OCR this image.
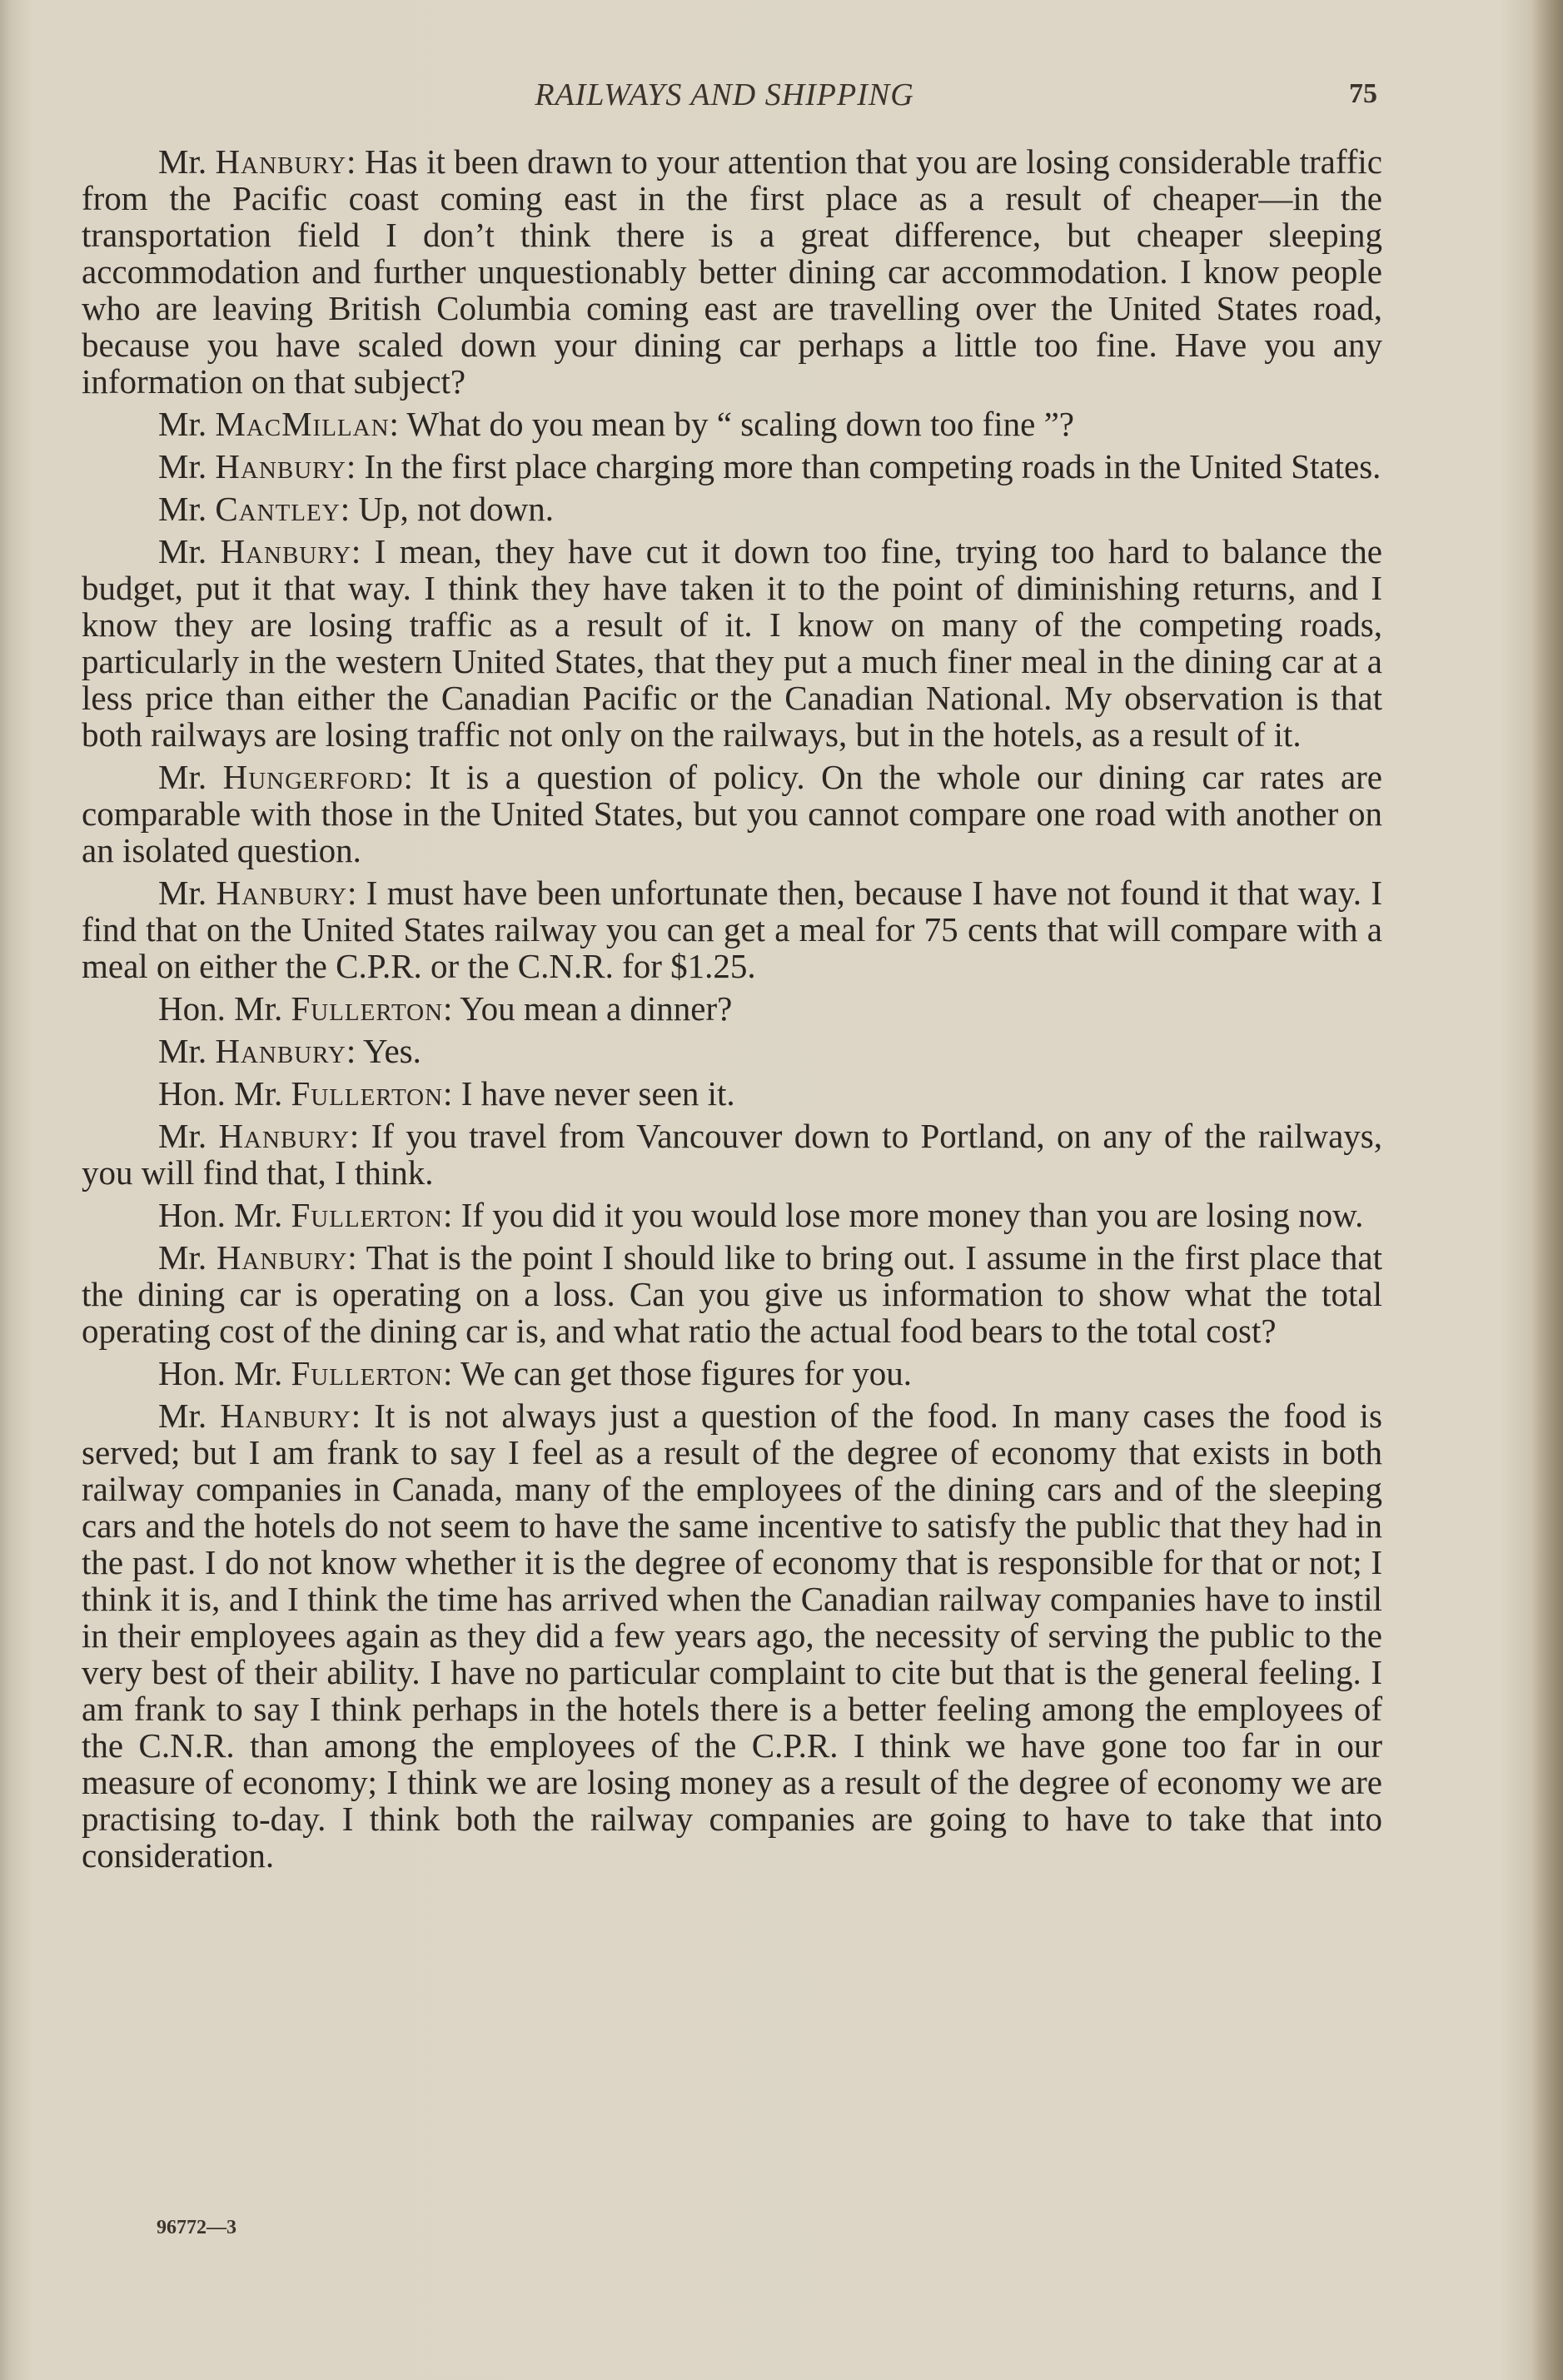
RAILWAYS AND SHIPPING	75

Mr. Hanbury: Has it been drawn to your attention that you are losing considerable traffic from the Pacific coast coming east in the first place as a result of cheaper—in the transportation field I don’t think there is a great difference, but cheaper sleeping accommodation and further unquestionably better dining car accommodation. I know people who are leaving British Columbia coming east are travelling over the United States road, because you have scaled down your dining car perhaps a little too fine. Have you any information on that subject?

Mr. MacMillan: What do you mean by “ scaling down too fine ”?

Mr. Hanbury: In the first place charging more than competing roads in the United States.

Mr. Cantley: Up, not down.

Mr. Hanbury: I mean, they have cut it down too fine, trying too hard to balance the budget, put it that way. I think they have taken it to the point of diminishing returns, and I know they are losing traffic as a result of it. I know on many of the competing roads, particularly in the western United States, that they put a much finer meal in the dining car at a less price than either the Canadian Pacific or the Canadian National. My observation is that both railways are losing traffic not only on the railways, but in the hotels, as a result of it.

Mr. Hungerford: It is a question of policy. On the whole our dining car rates are comparable with those in the United States, but you cannot compare one road with another on an isolated question.

Mr. Hanbury: I must have been unfortunate then, because I have not found it that way. I find that on the United States railway you can get a meal for 75 cents that will compare with a meal on either the C.P.R. or the C.N.R. for $1.25.

Hon. Mr. Fullerton: You mean a dinner?

Mr. Hanbury: Yes.

Hon. Mr. Fullerton: I have never seen it.

Mr. Hanbury: If you travel from Vancouver down to Portland, on any of the railways, you will find that, I think.

Hon. Mr. Fullerton: If you did it you would lose more money than you are losing now.

Mr. Hanbury: That is the point I should like to bring out. I assume in the first place that the dining car is operating on a loss. Can you give us information to show what the total operating cost of the dining car is, and what ratio the actual food bears to the total cost?

Hon. Mr. Fullerton: We can get those figures for you.

Mr. Hanbury: It is not always just a question of the food. In many cases the food is served; but I am frank to say I feel as a result of the degree of economy that exists in both railway companies in Canada, many of the employees of the dining cars and of the sleeping cars and the hotels do not seem to have the same incentive to satisfy the public that they had in the past. I do not know whether it is the degree of economy that is responsible for that or not; I think it is, and I think the time has arrived when the Canadian railway companies have to instil in their employees again as they did a few years ago, the necessity of serving the public to the very best of their ability. I have no particular complaint to cite but that is the general feeling. I am frank to say I think perhaps in the hotels there is a better feeling among the employees of the C.N.R. than among the employees of the C.P.R. I think we have gone too far in our measure of economy; I think we are losing money as a result of the degree of economy we are practising to-day. I think both the railway companies are going to have to take that into consideration.

96772—3
